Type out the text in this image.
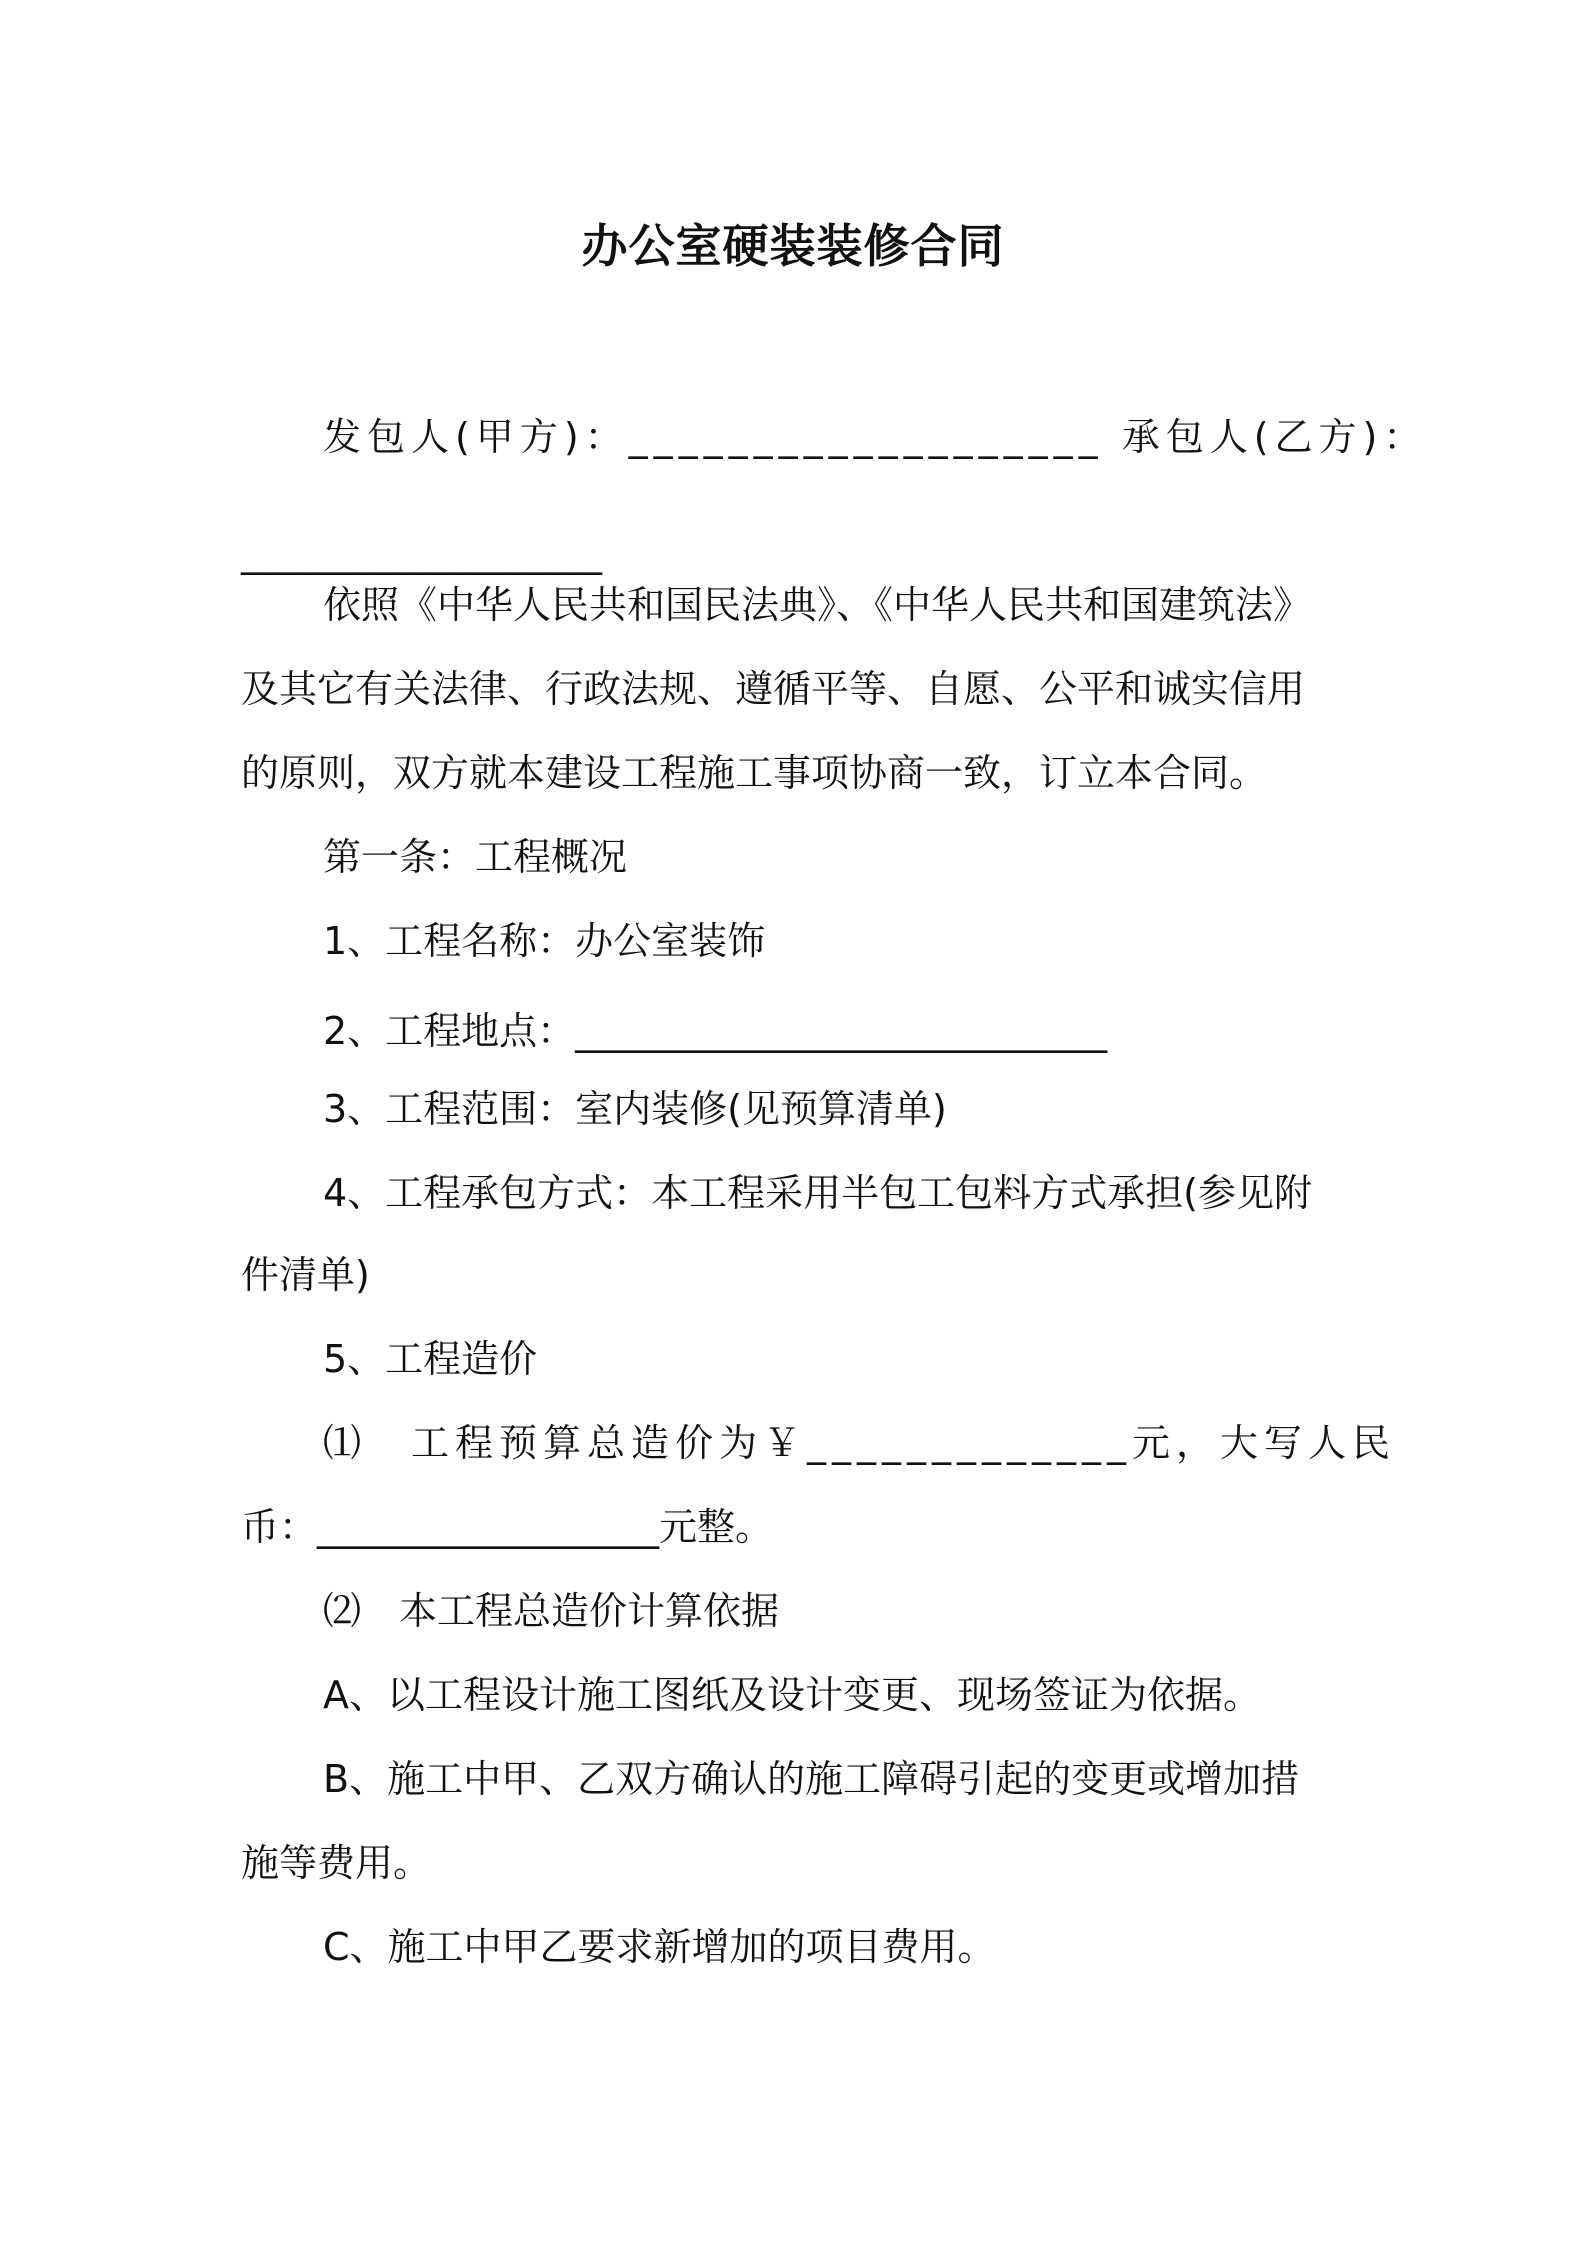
办公室硬装装修合同
发包人(甲方)：___________________ 承包人(乙方)：
___________________
依照《中华人民共和国民法典》、《中华人民共和国建筑法》
及其它有关法律、行政法规、遵循平等、自愿、公平和诚实信用
的原则，双方就本建设工程施工事项协商一致，订立本合同。
第一条：工程概况
1、工程名称：办公室装饰
2、工程地点：____________________________
3、工程范围：室内装修(见预算清单)
4、工程承包方式：本工程采用半包工包料方式承担(参见附
件清单)
5、工程造价
⑴　工程预算总造价为￥_____________元，大写人民
币：__________________元整。
⑵　本工程总造价计算依据
A、以工程设计施工图纸及设计变更、现场签证为依据。
B、施工中甲、乙双方确认的施工障碍引起的变更或增加措
施等费用。
C、施工中甲乙要求新增加的项目费用。
